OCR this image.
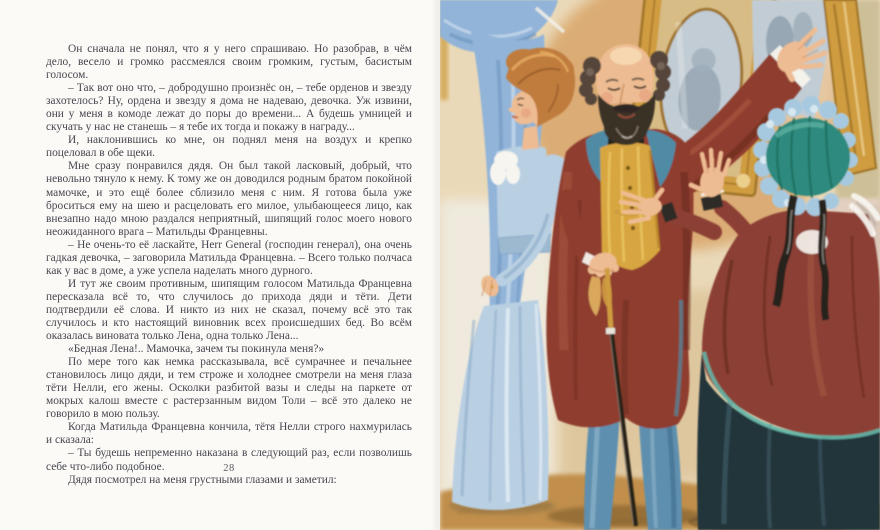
Он сначала не понял, что я у него спрашиваю. Но разобрав, в чём дело, весело и громко рассмеялся своим громким, густым, басистым голосом.

– Так вот оно что, – добродушно произнёс он, – тебе орденов и звезду захотелось? Ну, ордена и звезду я дома не надеваю, девочка. Уж извини, они у меня в комоде лежат до поры до времени... А будешь умницей и скучать у нас не станешь – я тебе их тогда и покажу в награду...

И, наклонившись ко мне, он поднял меня на воздух и крепко поцеловал в обе щеки.

Мне сразу понравился дядя. Он был такой ласковый, добрый, что невольно тянуло к нему. К тому же он доводился родным братом покойной мамочке, и это ещё более сблизило меня с ним. Я готова была уже броситься ему на шею и расцеловать его милое, улыбающееся лицо, как внезапно надо мною раздался неприятный, шипящий голос моего нового неожиданного врага – Матильды Францевны.

– Не очень-то её ласкайте, Herr General (господин генерал), она очень гадкая девочка, – заговорила Матильда Францевна. – Всего только полчаса как у вас в доме, а уже успела наделать много дурного.

И тут же своим противным, шипящим голосом Матильда Францевна пересказала всё то, что случилось до прихода дяди и тёти. Дети подтвердили её слова. И никто из них не сказал, почему всё это так случилось и кто настоящий виновник всех происшедших бед. Во всём оказалась виновата только Лена, одна только Лена...

«Бедная Лена!.. Мамочка, зачем ты покинула меня?»

По мере того как немка рассказывала, всё сумрачнее и печальнее становилось лицо дяди, и тем строже и холоднее смотрели на меня глаза тёти Нелли, его жены. Осколки разбитой вазы и следы на паркете от мокрых калош вместе с растерзанным видом Толи – всё это далеко не говорило в мою пользу.

Когда Матильда Францевна кончила, тётя Нелли строго нахмурилась и сказала:

– Ты будешь непременно наказана в следующий раз, если позволишь себе что-либо подобное.

Дядя посмотрел на меня грустными глазами и заметил:

28
